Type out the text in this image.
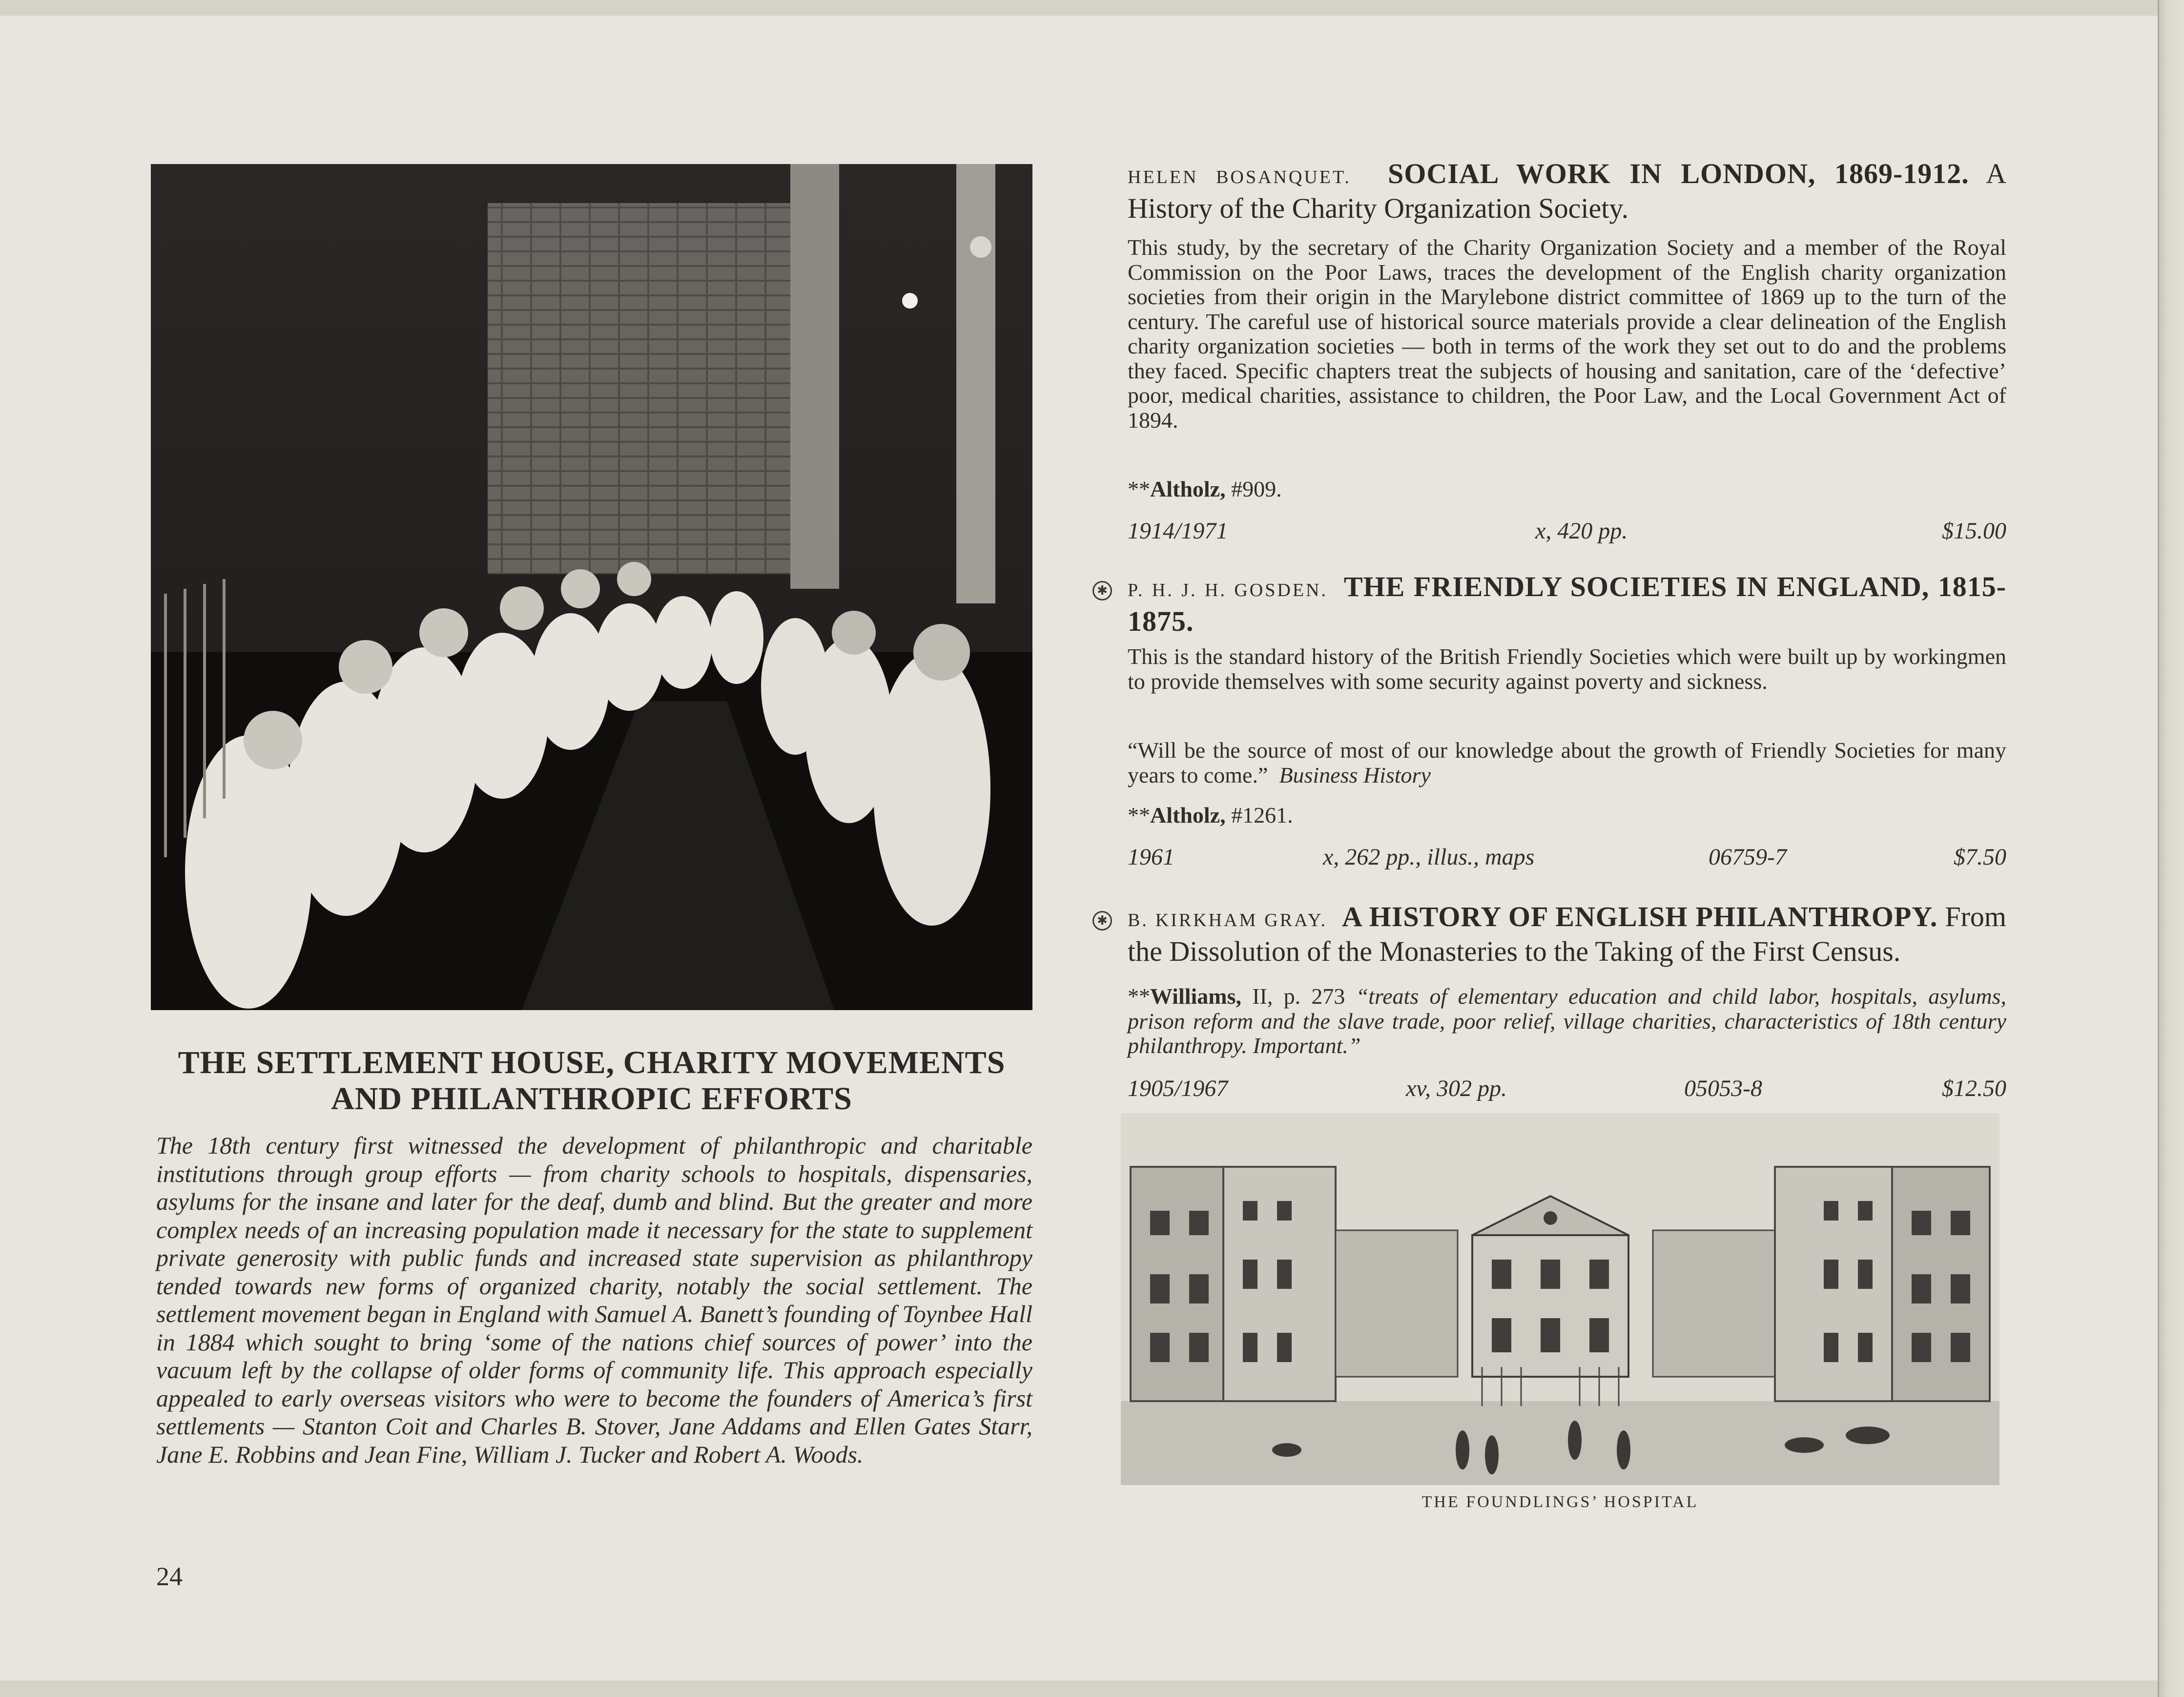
THE SETTLEMENT HOUSE, CHARITY MOVEMENTS
AND PHILANTHROPIC EFFORTS
The 18th century first witnessed the development of philanthropic and charitable institutions through group efforts — from charity schools to hospitals, dispensaries, asylums for the insane and later for the deaf, dumb and blind. But the greater and more complex needs of an increasing population made it necessary for the state to supplement private generosity with public funds and increased state supervision as philanthropy tended towards new forms of organized charity, notably the social settlement. The settlement movement began in England with Samuel A. Banett’s founding of Toynbee Hall in 1884 which sought to bring ‘some of the nations chief sources of power’ into the vacuum left by the collapse of older forms of community life. This approach especially appealed to early overseas visitors who were to become the founders of America’s first settlements — Stanton Coit and Charles B. Stover, Jane Addams and Ellen Gates Starr, Jane E. Robbins and Jean Fine, William J. Tucker and Robert A. Woods.
24
HELEN BOSANQUET. SOCIAL WORK IN LONDON, 1869-1912. A History of the Charity Organization Society.
This study, by the secretary of the Charity Organization Society and a member of the Royal Commission on the Poor Laws, traces the development of the English charity organization societies from their origin in the Marylebone district committee of 1869 up to the turn of the century. The careful use of historical source materials provide a clear delineation of the English charity organization societies — both in terms of the work they set out to do and the problems they faced. Specific chapters treat the subjects of housing and sanitation, care of the ‘defective’ poor, medical charities, assistance to children, the Poor Law, and the Local Government Act of 1894.
**Altholz, #909.
1914/1971	x, 420 pp.	$15.00
✱ P. H. J. H. GOSDEN. THE FRIENDLY SOCIETIES IN ENGLAND, 1815-1875.
This is the standard history of the British Friendly Societies which were built up by workingmen to provide themselves with some security against poverty and sickness.
“Will be the source of most of our knowledge about the growth of Friendly Societies for many years to come.” Business History
**Altholz, #1261.
1961	x, 262 pp., illus., maps	06759-7	$7.50
✱ B. KIRKHAM GRAY. A HISTORY OF ENGLISH PHILANTHROPY. From the Dissolution of the Monasteries to the Taking of the First Census.
**Williams, II, p. 273 “treats of elementary education and child labor, hospitals, asylums, prison reform and the slave trade, poor relief, village charities, characteristics of 18th century philanthropy. Important.”
1905/1967	xv, 302 pp.	05053-8	$12.50
THE FOUNDLINGS’ HOSPITAL
